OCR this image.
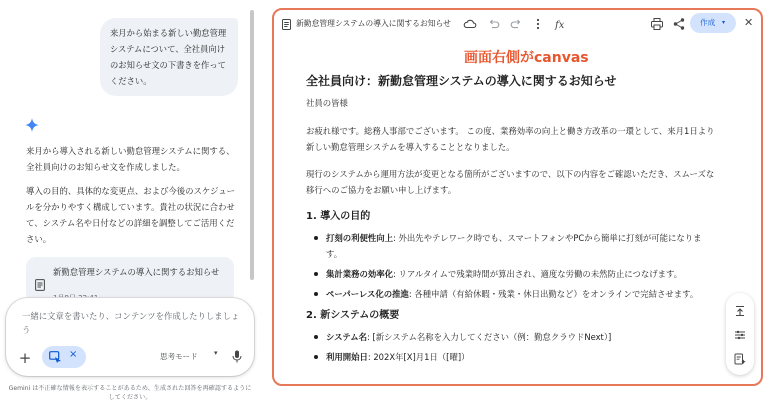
来月から始まる新しい勤怠管理システムについて、全社員向けのお知らせ文の下書きを作ってください。

来月から導入される新しい勤怠管理システムに関する、全社員向けのお知らせ文を作成しました。

導入の目的、具体的な変更点、および今後のスケジュールを分かりやすく構成しています。貴社の状況に合わせて、システム名や日付などの詳細を調整してご活用ください。

新勤怠管理システムの導入に関するお知らせ
一緒に文章を書いたり、コンテンツを作成したりしましょう
+	×	思考モード ▾
Gemini は不正確な情報を表示することがあるため、生成された回答を再確認するようにしてください。
新勤怠管理システムの導入に関するお知らせ	fx	作成 ▾ ✕
画面右側がcanvas
全社員向け：新勤怠管理システムの導入に関するお知らせ
社員の皆様

お疲れ様です。総務人事部でございます。 この度、業務効率の向上と働き方改革の一環として、来月1日より新しい勤怠管理システムを導入することとなりました。

現行のシステムから運用方法が変更となる箇所がございますので、以下の内容をご確認いただき、スムーズな移行へのご協力をお願い申し上げます。

1. 導入の目的
打刻の利便性向上: 外出先やテレワーク時でも、スマートフォンやPCから簡単に打刻が可能になります。
集計業務の効率化: リアルタイムで残業時間が算出され、適度な労働の未然防止につなげます。
ペーパーレス化の推進: 各種申請（有給休暇・残業・休日出勤など）をオンラインで完結させます。
2. 新システムの概要
システム名: [新システム名称を入力してください（例：勤怠クラウドNext）]
利用開始日: 202X年[X]月1日（[曜]）
